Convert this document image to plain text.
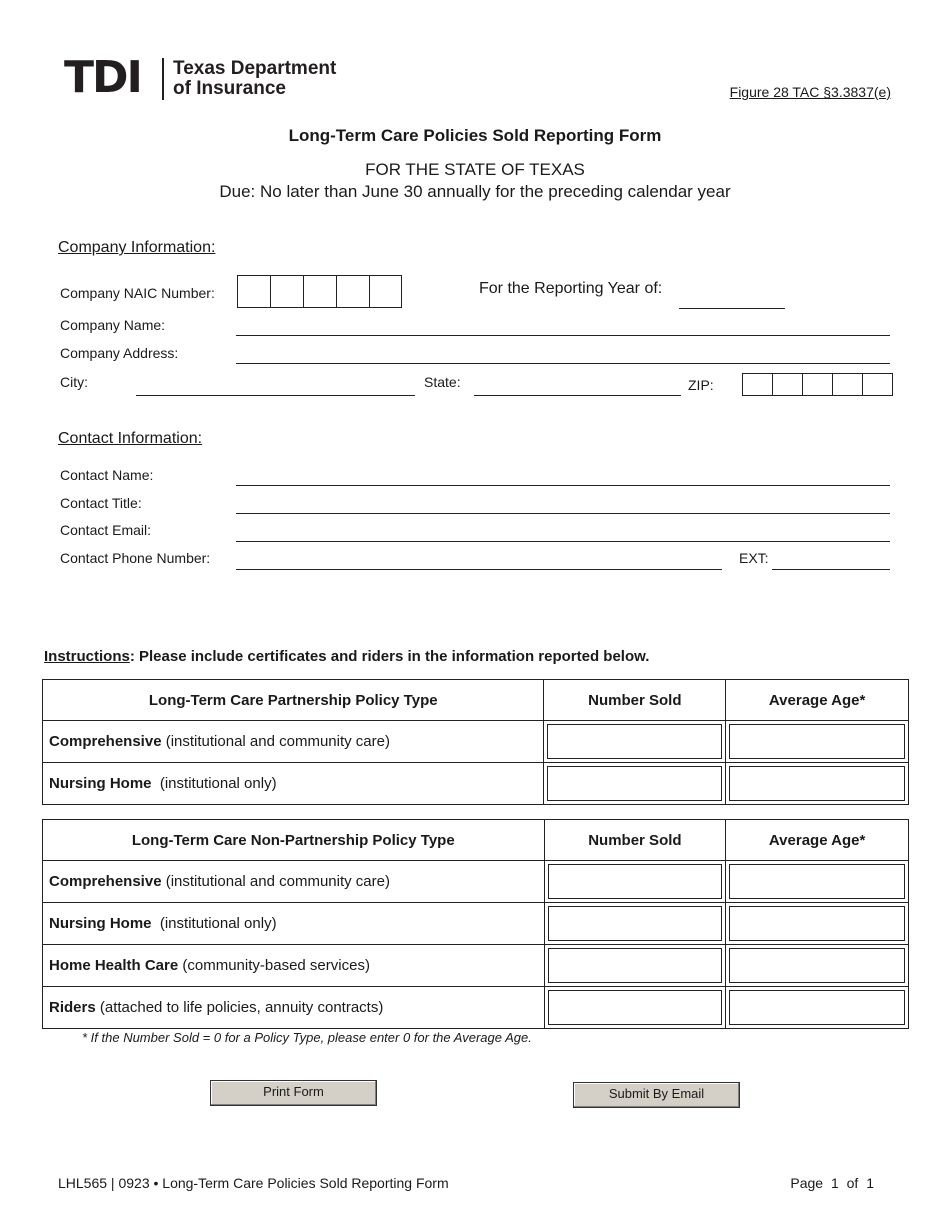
TDI Texas Department
of Insurance	Figure 28 TAC §3.3837(e)
Long-Term Care Policies Sold Reporting Form
FOR THE STATE OF TEXAS
Due: No later than June 30 annually for the preceding calendar year
Company Information:
Company NAIC Number:	For the Reporting Year of:
Company Name:
Company Address:
City:	State:	ZIP:
Contact Information:
Contact Name:
Contact Title:
Contact Email:
Contact Phone Number:	EXT:
Instructions: Please include certificates and riders in the information reported below.
Long-Term Care Partnership Policy Type	Number Sold	Average Age*
Comprehensive (institutional and community care)	

Nursing Home  (institutional only)	

Long-Term Care Non-Partnership Policy Type	Number Sold	Average Age*
Comprehensive (institutional and community care)	

Nursing Home  (institutional only)	

Home Health Care (community-based services)	

Riders (attached to life policies, annuity contracts)	

* If the Number Sold = 0 for a Policy Type, please enter 0 for the Average Age.
Print Form	Submit By Email
LHL565 | 0923 • Long-Term Care Policies Sold Reporting Form	Page 1 of 1
